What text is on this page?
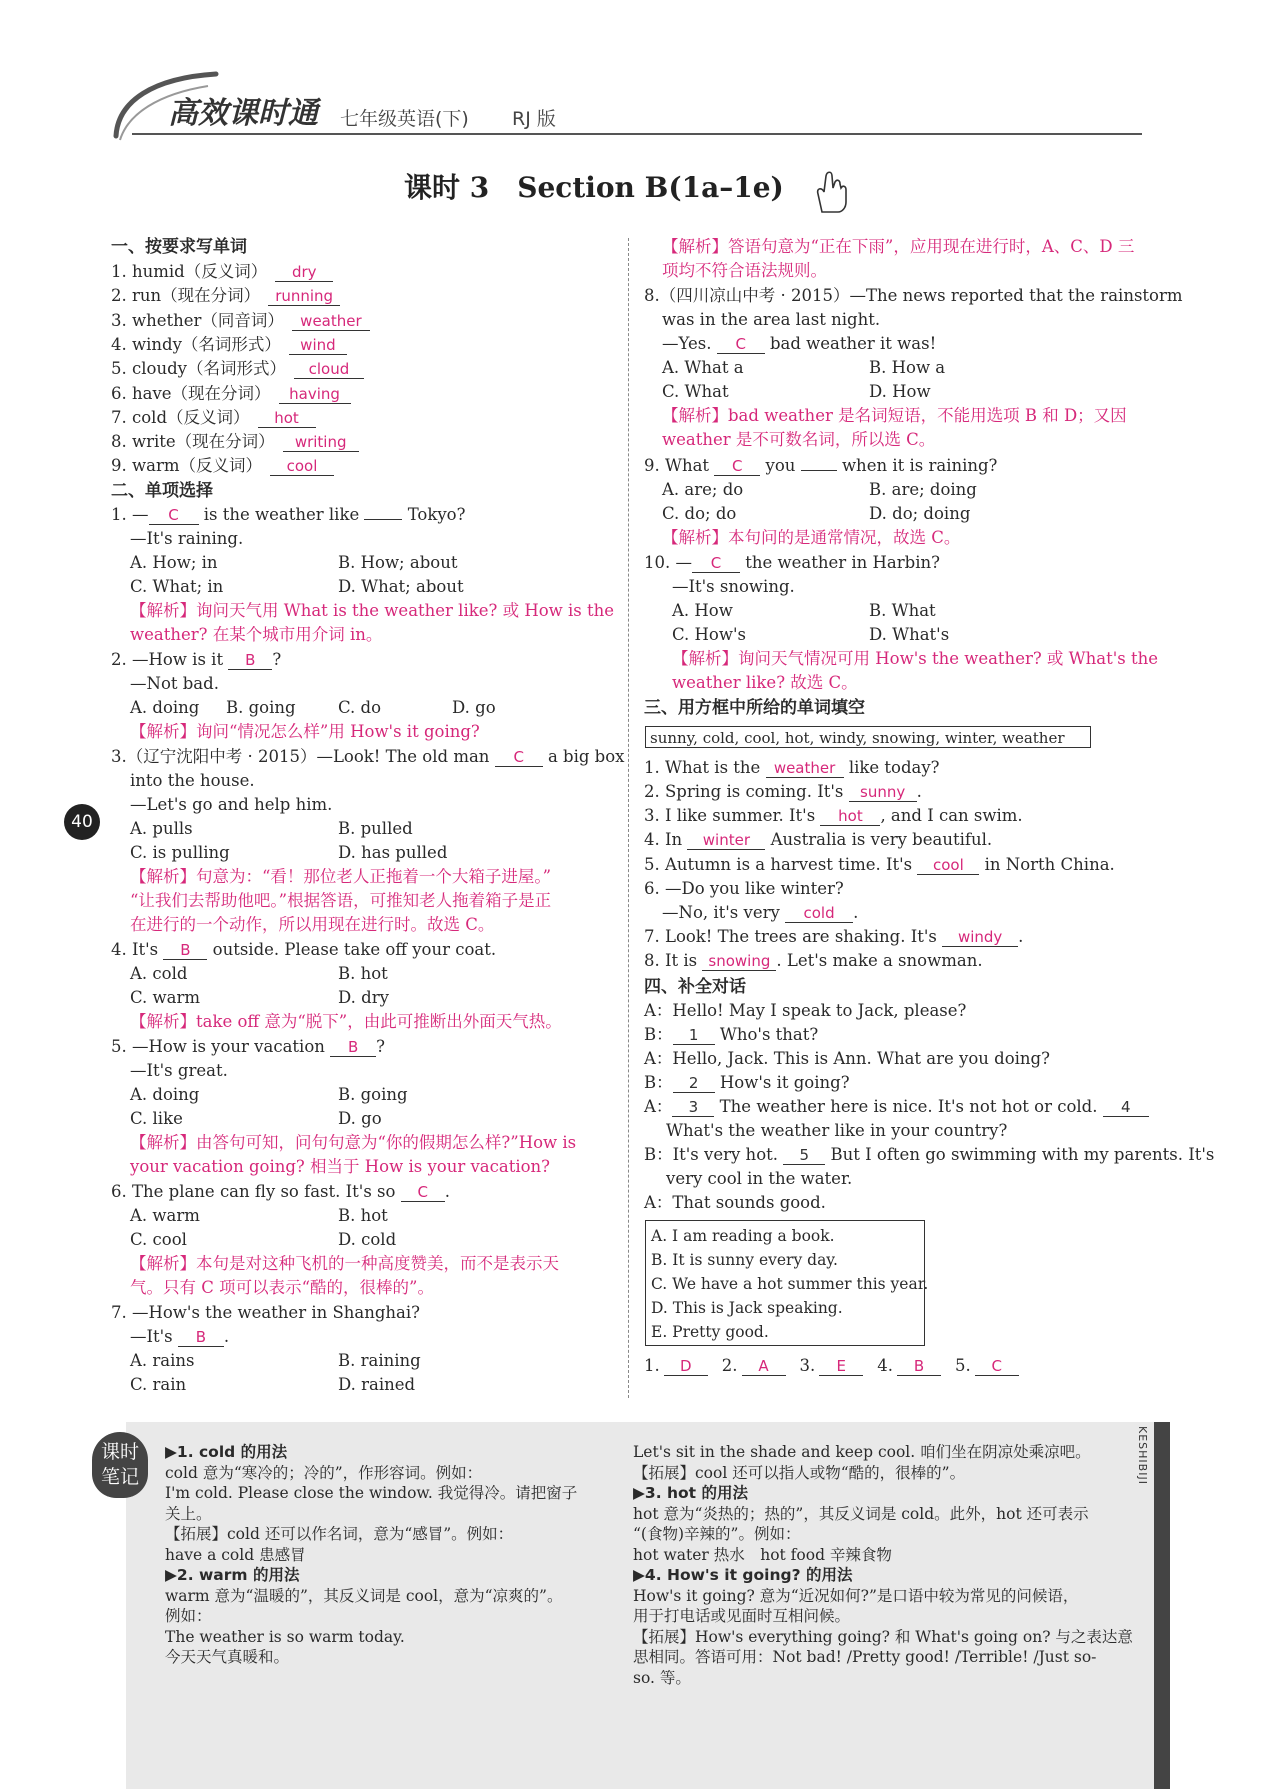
高效课时通 七年级英语(下) RJ 版
课时 3　Section B(1a–1e)
40
一、按要求写单词
1. humid（反义词） dry
2. run（现在分词） running
3. whether（同音词） weather
4. windy（名词形式） wind
5. cloudy（名词形式） cloud
6. have（现在分词） having
7. cold（反义词） hot
8. write（现在分词） writing
9. warm（反义词） cool
二、单项选择
1. — C is the weather like	Tokyo?
—It's raining.
A. How; in	B. How; about
C. What; in	D. What; about
【解析】询问天气用 What is the weather like? 或 How is the
weather? 在某个城市用介词 in。
2. —How is it B ?
—Not bad.
A. doing B. going	C. do	D. go
【解析】询问“情况怎么样”用 How's it going?
3.（辽宁沈阳中考 · 2015）—Look! The old man C a big box
into the house.
—Let's go and help him.
A. pulls	B. pulled
C. is pulling	D. has pulled
【解析】句意为：“看！那位老人正拖着一个大箱子进屋。”
“让我们去帮助他吧。”根据答语，可推知老人拖着箱子是正
在进行的一个动作，所以用现在进行时。故选 C。
4. It's B outside. Please take off your coat.
A. cold	B. hot
C. warm	D. dry
【解析】take off 意为“脱下”，由此可推断出外面天气热。
5. —How is your vacation B ?
—It's great.
A. doing	B. going
C. like	D. go
【解析】由答句可知，问句句意为“你的假期怎么样?”How is
your vacation going? 相当于 How is your vacation?
6. The plane can fly so fast. It's so C .
A. warm	B. hot
C. cool	D. cold
【解析】本句是对这种飞机的一种高度赞美，而不是表示天
气。只有 C 项可以表示“酷的，很棒的”。
7. —How's the weather in Shanghai?
—It's B .
A. rains	B. raining
C. rain	D. rained
【解析】答语句意为“正在下雨”，应用现在进行时，A、C、D 三
项均不符合语法规则。
8.（四川凉山中考 · 2015）—The news reported that the rainstorm
was in the area last night.
—Yes. C bad weather it was!
A. What a	B. How a
C. What	D. How
【解析】bad weather 是名词短语，不能用选项 B 和 D；又因
weather 是不可数名词，所以选 C。
9. What C you	when it is raining?
A. are; do	B. are; doing
C. do; do	D. do; doing
【解析】本句问的是通常情况，故选 C。
10. — C the weather in Harbin?
—It's snowing.
A. How	B. What
C. How's	D. What's
【解析】询问天气情况可用 How's the weather? 或 What's the
weather like? 故选 C。
三、用方框中所给的单词填空
sunny, cold, cool, hot, windy, snowing, winter, weather
1. What is the weather like today?
2. Spring is coming. It's sunny .
3. I like summer. It's hot , and I can swim.
4. In winter Australia is very beautiful.
5. Autumn is a harvest time. It's cool in North China.
6. —Do you like winter?
—No, it's very cold .
7. Look! The trees are shaking. It's windy .
8. It is snowing . Let's make a snowman.
四、补全对话
A：Hello! May I speak to Jack, please?
B： 1 Who's that?
A：Hello, Jack. This is Ann. What are you doing?
B： 2 How's it going?
A： 3 The weather here is nice. It's not hot or cold. 4
What's the weather like in your country?
B：It's very hot. 5 But I often go swimming with my parents. It's
very cool in the water.
A：That sounds good.
A. I am reading a book.
B. It is sunny every day.
C. We have a hot summer this year.
D. This is Jack speaking.
E. Pretty good.
1. D 2. A 3. E 4. B 5. C
KESHIBIJI
课时
笔记
▶1. cold 的用法
cold 意为“寒冷的；冷的”，作形容词。例如：
I'm cold. Please close the window. 我觉得冷。请把窗子
关上。
【拓展】cold 还可以作名词，意为“感冒”。例如：
have a cold 患感冒
▶2. warm 的用法
warm 意为“温暖的”，其反义词是 cool，意为“凉爽的”。
例如：
The weather is so warm today.
今天天气真暖和。
Let's sit in the shade and keep cool. 咱们坐在阴凉处乘凉吧。
【拓展】cool 还可以指人或物“酷的，很棒的”。
▶3. hot 的用法
hot 意为“炎热的；热的”，其反义词是 cold。此外，hot 还可表示
“(食物)辛辣的”。例如：
hot water 热水　hot food 辛辣食物
▶4. How's it going? 的用法
How's it going? 意为“近况如何?”是口语中较为常见的问候语，
用于打电话或见面时互相问候。
【拓展】How's everything going? 和 What's going on? 与之表达意
思相同。答语可用：Not bad! /Pretty good! /Terrible! /Just so-
so. 等。
